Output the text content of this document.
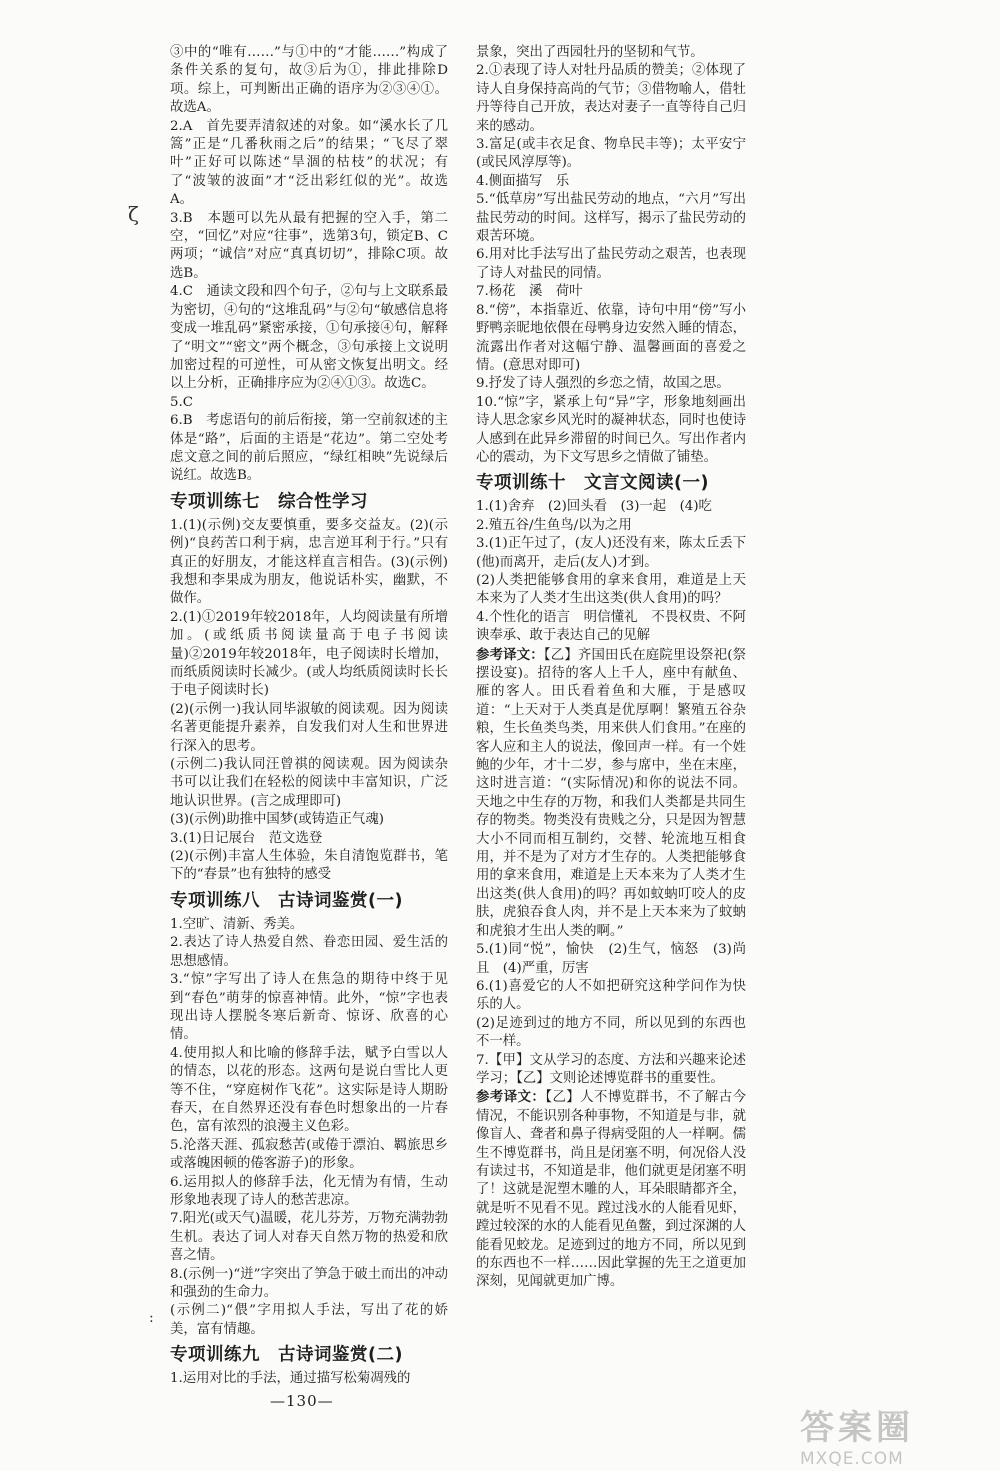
③中的“唯有……”与①中的“才能……”构成了条件关系的复句，故③后为①，排此排除D项。综上，可判断出正确的语序为②③④①。故选A。

2.A　首先要弄清叙述的对象。如“溪水长了几篙”正是“几番秋雨之后”的结果；“飞尽了翠叶”正好可以陈述“旱涸的枯枝”的状况；有了“波皱的波面”才“泛出彩红似的光”。故选A。

3.B　本题可以先从最有把握的空入手，第二空，“回忆”对应“往事”，选第3句，锁定B、C两项；“诚信”对应“真真切切”，排除C项。故选B。

4.C　通读文段和四个句子，②句与上文联系最为密切，④句的“这堆乱码”与②句“敏感信息将变成一堆乱码”紧密承接，①句承接④句，解释了“明文”“密文”两个概念，③句承接上文说明加密过程的可逆性，可从密文恢复出明文。经以上分析，正确排序应为②④①③。故选C。

5.C

6.B　考虑语句的前后衔接，第一空前叙述的主体是“路”，后面的主语是“花边”。第二空处考虑文意之间的前后照应，“绿红相映”先说绿后说红。故选B。

专项训练七　综合性学习

1.(1)(示例)交友要慎重，要多交益友。(2)(示例)“良药苦口利于病，忠言逆耳利于行。”只有真正的好朋友，才能这样直言相告。(3)(示例)我想和李果成为朋友，他说话朴实，幽默，不做作。

2.(1)①2019年较2018年，人均阅读量有所增加。(或纸质书阅读量高于电子书阅读量)②2019年较2018年，电子阅读时长增加，而纸质阅读时长减少。(或人均纸质阅读时长长于电子阅读时长)

(2)(示例一)我认同毕淑敏的阅读观。因为阅读名著更能提升素养，自发我们对人生和世界进行深入的思考。

(示例二)我认同汪曾祺的阅读观。因为阅读杂书可以让我们在轻松的阅读中丰富知识，广泛地认识世界。(言之成理即可)

(3)(示例)助推中国梦(或铸造正气魂)

3.(1)日记展台　范文选登

(2)(示例)丰富人生体验，朱自清饱览群书，笔下的“春景”也有独特的感受

专项训练八　古诗词鉴赏(一)

1.空旷、清新、秀美。

2.表达了诗人热爱自然、眷恋田园、爱生活的思想感情。

3.“惊”字写出了诗人在焦急的期待中终于见到“春色”萌芽的惊喜神情。此外，“惊”字也表现出诗人摆脱冬寒后新奇、惊讶、欣喜的心情。

4.使用拟人和比喻的修辞手法，赋予白雪以人的情态，以花的形态。这两句是说白雪比人更等不住，“穿庭树作飞花”。这实际是诗人期盼春天，在自然界还没有春色时想象出的一片春色，富有浓烈的浪漫主义色彩。

5.沦落天涯、孤寂愁苦(或倦于漂泊、羁旅思乡或落魄困顿的倦客游子)的形象。

6.运用拟人的修辞手法，化无情为有情，生动形象地表现了诗人的愁苦悲凉。

7.阳光(或天气)温暖，花儿芬芳，万物充满勃勃生机。表达了词人对春天自然万物的热爱和欣喜之情。

8.(示例一)“迸”字突出了笋急于破土而出的冲动和强劲的生命力。

(示例二)“偎”字用拟人手法，写出了花的娇美，富有情趣。

专项训练九　古诗词鉴赏(二)

1.运用对比的手法，通过描写松菊凋残的

景象，突出了西园牡丹的坚韧和气节。

2.①表现了诗人对牡丹品质的赞美；②体现了诗人自身保持高尚的气节；③借物喻人，借牡丹等待自己开放，表达对妻子一直等待自己归来的感动。

3.富足(或丰衣足食、物阜民丰等)；太平安宁(或民风淳厚等)。

4.侧面描写　乐

5.“低草房”写出盐民劳动的地点，“六月”写出盐民劳动的时间。这样写，揭示了盐民劳动的艰苦环境。

6.用对比手法写出了盐民劳动之艰苦，也表现了诗人对盐民的同情。

7.杨花　溪　荷叶

8.“傍”，本指靠近、依靠，诗句中用“傍”写小野鸭亲昵地依偎在母鸭身边安然入睡的情态，流露出作者对这幅宁静、温馨画面的喜爱之情。(意思对即可)

9.抒发了诗人强烈的乡恋之情，故国之思。

10.“惊”字，紧承上句“异”字，形象地刻画出诗人思念家乡风光时的凝神状态，同时也使诗人感到在此异乡滞留的时间已久。写出作者内心的震动，为下文写思乡之情做了铺垫。

专项训练十　文言文阅读(一)

1.(1)舍弃　(2)回头看　(3)一起　(4)吃

2.殖五谷/生鱼鸟/以为之用

3.(1)正午过了，(友人)还没有来，陈太丘丢下(他)而离开，走后(友人)才到。

(2)人类把能够食用的拿来食用，难道是上天本来为了人类才生出这类(供人食用)的吗？

4.个性化的语言　明信懂礼　不畏权贵、不阿谀奉承、敢于表达自己的见解

参考译文：【乙】齐国田氏在庭院里设祭祀(祭摆设宴)。招待的客人上千人，座中有献鱼、雁的客人。田氏看着鱼和大雁，于是感叹道：“上天对于人类真是优厚啊！繁殖五谷杂粮，生长鱼类鸟类，用来供人们食用。”在座的客人应和主人的说法，像回声一样。有一个姓鲍的少年，才十二岁，参与席中，坐在末座，这时进言道：“(实际情况)和你的说法不同。天地之中生存的万物，和我们人类都是共同生存的物类。物类没有贵贱之分，只是因为智慧大小不同而相互制约，交替、轮流地互相食用，并不是为了对方才生存的。人类把能够食用的拿来食用，难道是上天本来为了人类才生出这类(供人食用)的吗？再如蚊蚋叮咬人的皮肤，虎狼吞食人肉，并不是上天本来为了蚊蚋和虎狼才生出人类的啊。”

5.(1)同“悦”，愉快　(2)生气，恼怒　(3)尚且　(4)严重，厉害

6.(1)喜爱它的人不如把研究这种学问作为快乐的人。

(2)足迹到过的地方不同，所以见到的东西也不一样。

7.【甲】文从学习的态度、方法和兴趣来论述学习；【乙】文则论述博览群书的重要性。

参考译文：【乙】人不博览群书，不了解古今情况，不能识别各种事物，不知道是与非，就像盲人、聋者和鼻子得病受阻的人一样啊。儒生不博览群书，尚且是闭塞不明，何况俗人没有读过书，不知道是非，他们就更是闭塞不明了！这就是泥塑木雕的人，耳朵眼睛都齐全，就是听不见看不见。蹚过浅水的人能看见虾，蹚过较深的水的人能看见鱼鳖，到过深渊的人能看见蛟龙。足迹到过的地方不同，所以见到的东西也不一样……因此掌握的先王之道更加深刻，见闻就更加广博。

ζ
:
—130—
答案圈
MXQE.COM
